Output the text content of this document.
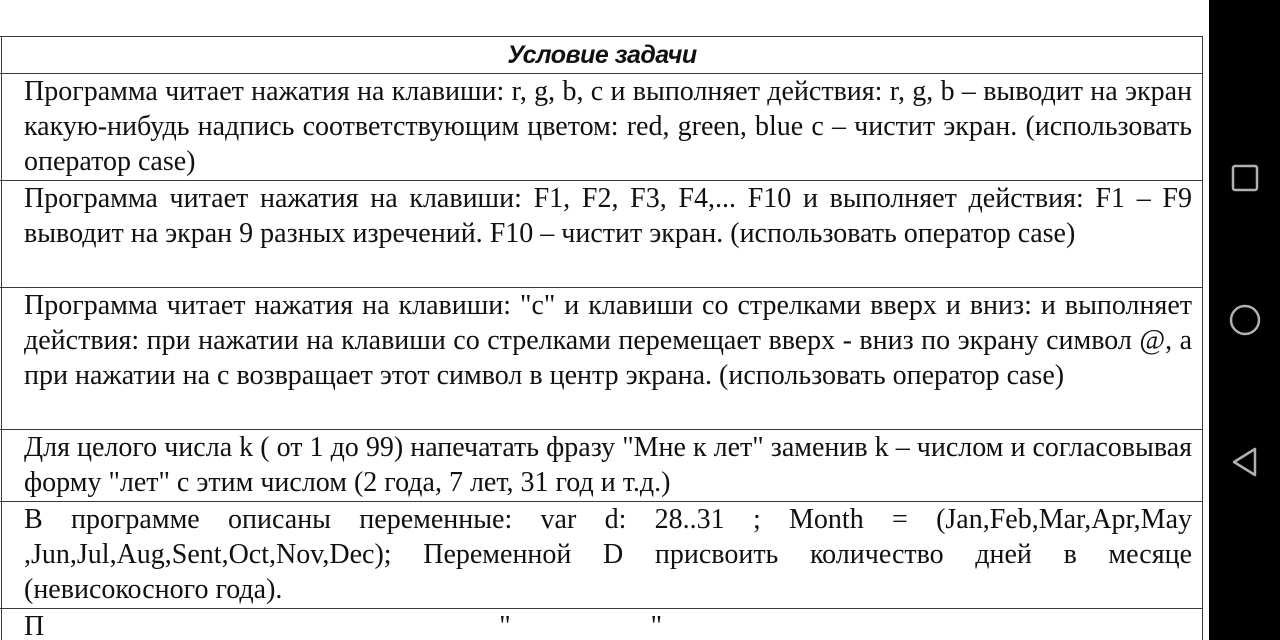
	Условие задачи
	Программа читает нажатия на клавиши: r, g, b, c и выполняет действия: r, g, b – выводит на экран какую-нибудь надпись соответствующим цветом: red, green, blue c – чистит экран. (использовать оператор case)
	Программа читает нажатия на клавиши: F1, F2, F3, F4,... F10 и выполняет действия: F1 – F9 выводит на экран 9 разных изречений. F10 – чистит экран. (использовать оператор case)
	Программа читает нажатия на клавиши: "c" и клавиши со стрелками вверх и вниз: и выполняет действия: при нажатии на клавиши со стрелками перемещает вверх - вниз по экрану символ @, а при нажатии на c возвращает этот символ в центр экрана. (использовать оператор case)
	Для целого числа k ( от 1 до 99) напечатать фразу "Мне к лет" заменив k – числом и согласовывая форму "лет" с этим числом (2 года, 7 лет, 31 год и т.д.)
	В программе описаны переменные: var d: 28..31 ; Month = (Jan,Feb,Mar,Apr,May ,Jun,Jul,Aug,Sent,Oct,Nov,Dec); Переменной D присвоить количество дней в месяце (невисокосного года).
	П                                                                 "                    "
